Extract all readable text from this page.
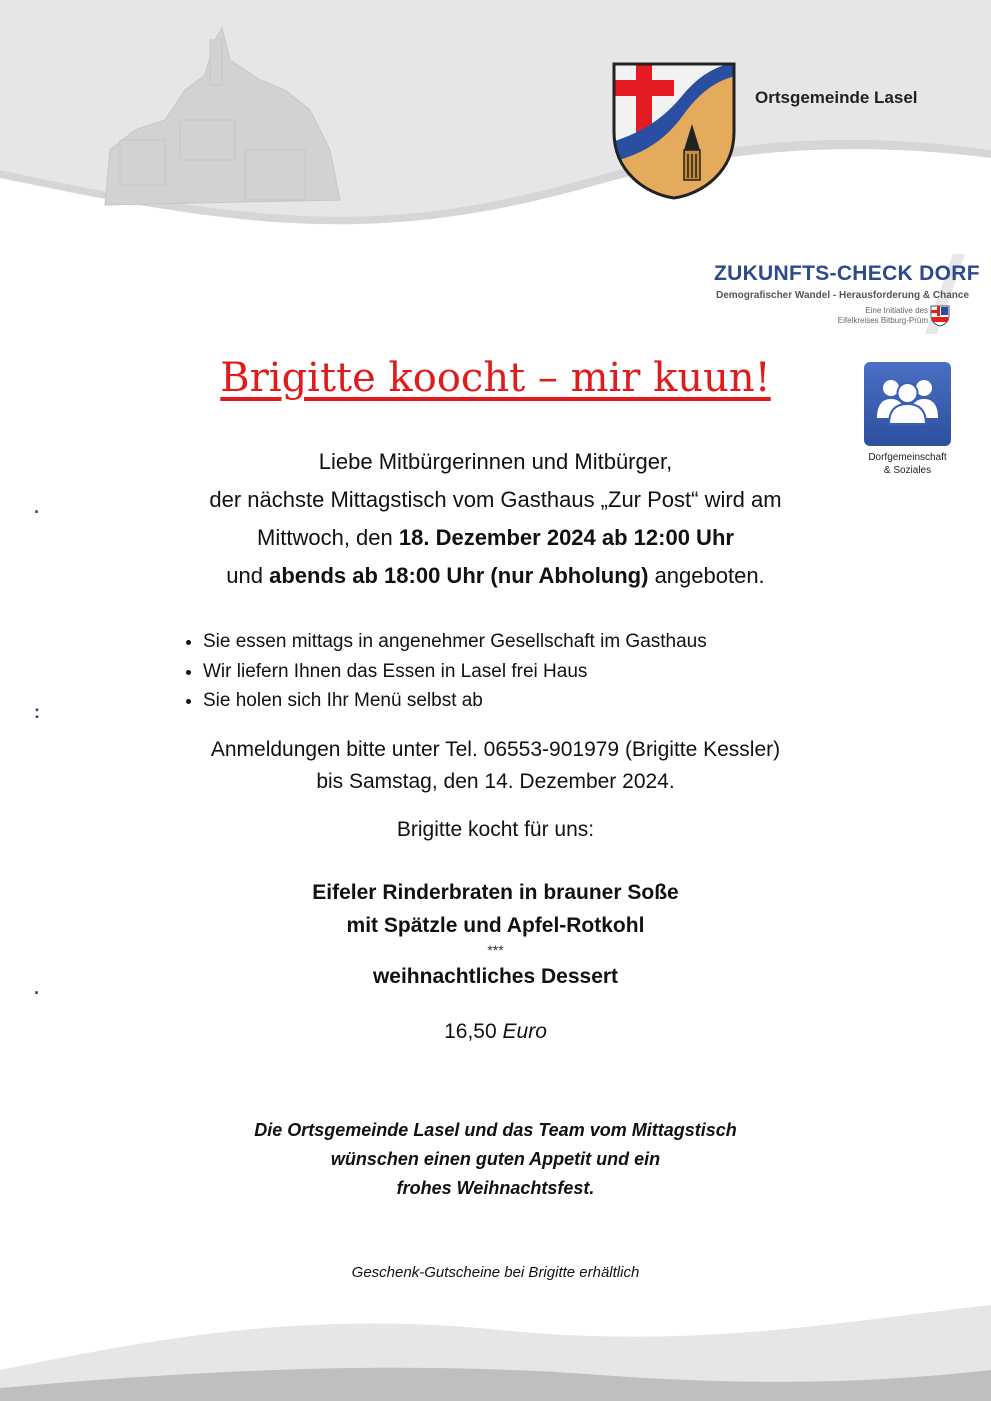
Ortsgemeinde Lasel
ZUKUNFTS-CHECK DORF
Demografischer Wandel - Herausforderung & Chance
Eine Initiative des
Eifelkreises Bitburg-Prüm
Dorfgemeinschaft
& Soziales
Brigitte koocht – mir kuun!
Liebe Mitbürgerinnen und Mitbürger,
der nächste Mittagstisch vom Gasthaus „Zur Post“ wird am
Mittwoch, den 18. Dezember 2024 ab 12:00 Uhr
und abends ab 18:00 Uhr (nur Abholung) angeboten.
• Sie essen mittags in angenehmer Gesellschaft im Gasthaus
• Wir liefern Ihnen das Essen in Lasel frei Haus
• Sie holen sich Ihr Menü selbst ab
Anmeldungen bitte unter Tel. 06553-901979 (Brigitte Kessler)
bis Samstag, den 14. Dezember 2024.
Brigitte kocht für uns:
Eifeler Rinderbraten in brauner Soße
mit Spätzle und Apfel-Rotkohl
***
weihnachtliches Dessert
16,50 Euro
Die Ortsgemeinde Lasel und das Team vom Mittagstisch
wünschen einen guten Appetit und ein
frohes Weihnachtsfest.
Geschenk-Gutscheine bei Brigitte erhältlich
·
:
·
